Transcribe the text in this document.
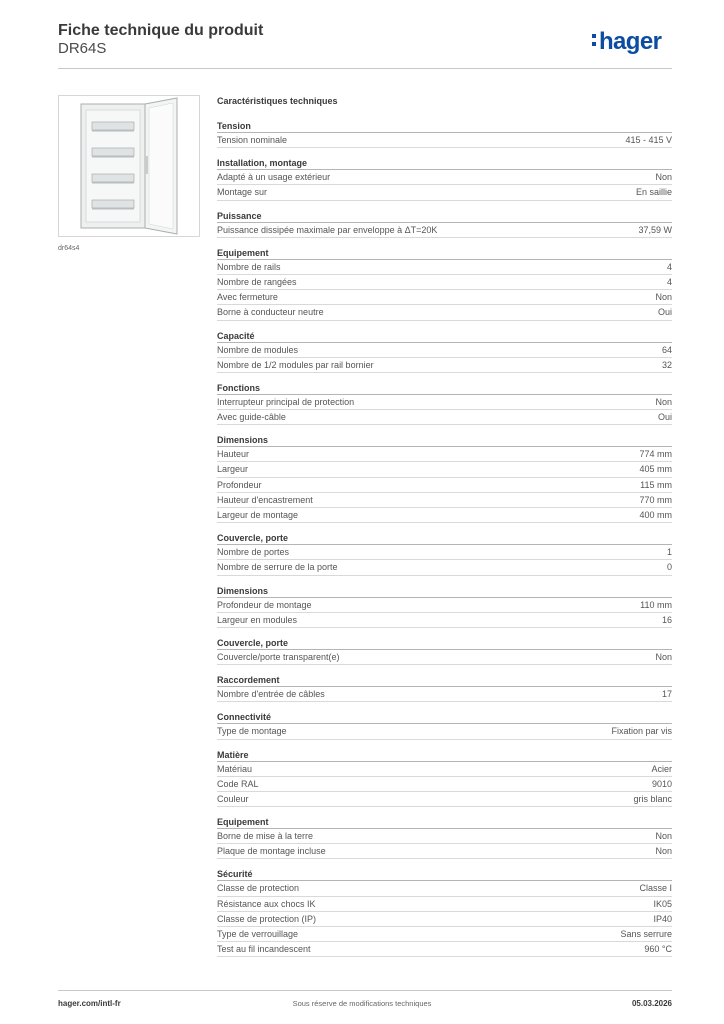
Fiche technique du produit
DR64S	hager
dr64s4
Caractéristiques techniques
Tension
Tension nominale	415 - 415 V
Installation, montage
Adapté à un usage extérieur	Non
Montage sur	En saillie
Puissance
Puissance dissipée maximale par enveloppe à ΔT=20K	37,59 W
Equipement
Nombre de rails	4
Nombre de rangées	4
Avec fermeture	Non
Borne à conducteur neutre	Oui
Capacité
Nombre de modules	64
Nombre de 1/2 modules par rail bornier	32
Fonctions
Interrupteur principal de protection	Non
Avec guide-câble	Oui
Dimensions
Hauteur	774 mm
Largeur	405 mm
Profondeur	115 mm
Hauteur d'encastrement	770 mm
Largeur de montage	400 mm
Couvercle, porte
Nombre de portes	1
Nombre de serrure de la porte	0
Dimensions
Profondeur de montage	110 mm
Largeur en modules	16
Couvercle, porte
Couvercle/porte transparent(e)	Non
Raccordement
Nombre d'entrée de câbles	17
Connectivité
Type de montage	Fixation par vis
Matière
Matériau	Acier
Code RAL	9010
Couleur	gris blanc
Equipement
Borne de mise à la terre	Non
Plaque de montage incluse	Non
Sécurité
Classe de protection	Classe I
Résistance aux chocs IK	IK05
Classe de protection (IP)	IP40
Type de verrouillage	Sans serrure
Test au fil incandescent	960 °C
hager.com/intl-fr	Sous réserve de modifications techniques	05.03.2026
